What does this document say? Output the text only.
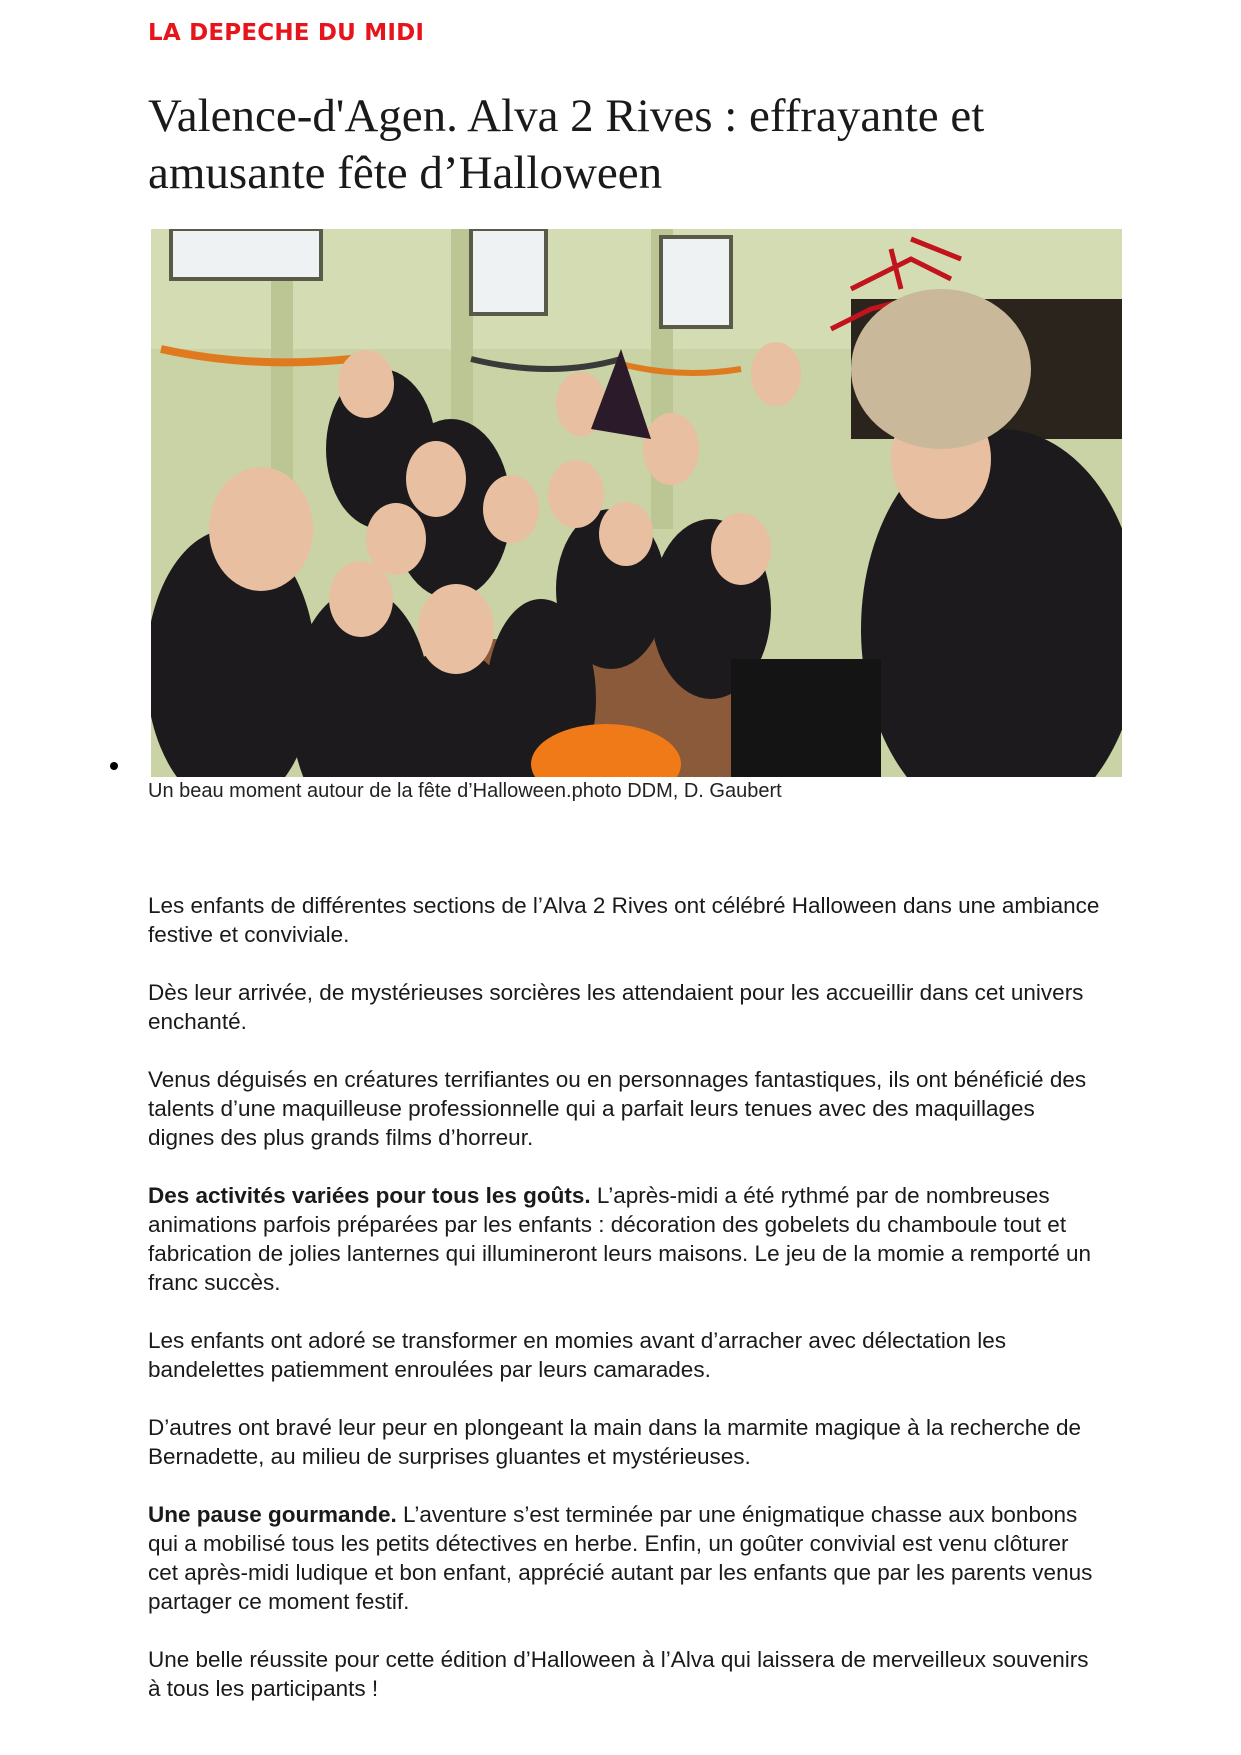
LA DEPECHE DU MIDI
Valence-d'Agen. Alva 2 Rives : effrayante et amusante fête d’Halloween
Un beau moment autour de la fête d’Halloween.photo DDM, D. Gaubert

Les enfants de différentes sections de l’Alva 2 Rives ont célébré Halloween dans une ambiance festive et conviviale.

Dès leur arrivée, de mystérieuses sorcières les attendaient pour les accueillir dans cet univers enchanté.

Venus déguisés en créatures terrifiantes ou en personnages fantastiques, ils ont bénéficié des talents d’une maquilleuse professionnelle qui a parfait leurs tenues avec des maquillages dignes des plus grands films d’horreur.

Des activités variées pour tous les goûts. L’après-midi a été rythmé par de nombreuses animations parfois préparées par les enfants : décoration des gobelets du chamboule tout et fabrication de jolies lanternes qui illumineront leurs maisons. Le jeu de la momie a remporté un franc succès.

Les enfants ont adoré se transformer en momies avant d’arracher avec délectation les bandelettes patiemment enroulées par leurs camarades.

D’autres ont bravé leur peur en plongeant la main dans la marmite magique à la recherche de Bernadette, au milieu de surprises gluantes et mystérieuses.

Une pause gourmande. L’aventure s’est terminée par une énigmatique chasse aux bonbons qui a mobilisé tous les petits détectives en herbe. Enfin, un goûter convivial est venu clôturer cet après-midi ludique et bon enfant, apprécié autant par les enfants que par les parents venus partager ce moment festif.

Une belle réussite pour cette édition d’Halloween à l’Alva qui laissera de merveilleux souvenirs à tous les participants !
